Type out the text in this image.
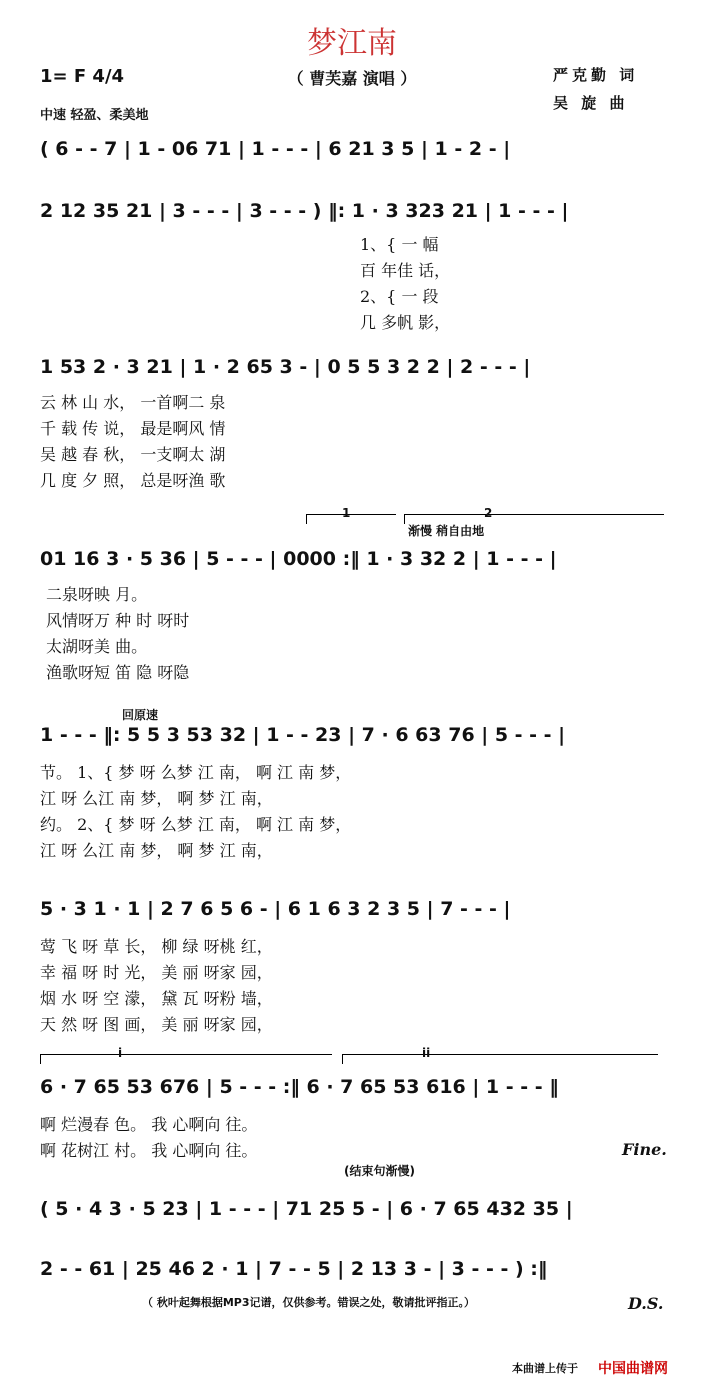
梦江南
（ 曹芙嘉 演唱 ）	严克勤 词
吴 旋 曲
1= F 4/4
中速 轻盈、柔美地
( 6 - - 7 | 1 - 06 71 | 1 - - - | 6 21 3 5 | 1 - 2 - |
2 12 35 21 | 3 - - - | 3 - - - ) ‖: 1 · 3 323 21 | 1 - - - |
1、{ 一 幅
百 年佳 话，
2、{ 一 段
几 多帆 影，
1 53 2 · 3 21 | 1 · 2 65 3 - | 0 5 5 3 2 2 | 2 - - - |
云 林 山 水， 一首啊二 泉
千 载 传 说， 最是啊风 情
吴 越 春 秋， 一支啊太 湖
几 度 夕 照， 总是呀渔 歌
1	2
渐慢 稍自由地
01 16 3 · 5 36 | 5 - - - | 0000 :‖ 1 · 3 32 2 | 1 - - - |
二泉呀映 月。
风情呀万 种 时 呀时
太湖呀美 曲。
渔歌呀短 笛 隐 呀隐
回原速
1 - - - ‖: 5 5 3 53 32 | 1 - - 23 | 7 · 6 63 76 | 5 - - - |
节。 1、{ 梦 呀 么梦 江 南， 啊 江 南 梦，
江 呀 么江 南 梦， 啊 梦 江 南，
约。 2、{ 梦 呀 么梦 江 南， 啊 江 南 梦，
江 呀 么江 南 梦， 啊 梦 江 南，
5 · 3 1 · 1 | 2 7 6 5 6 - | 6 1 6 3 2 3 5 | 7 - - - |
莺 飞 呀 草 长， 柳 绿 呀桃 红，
幸 福 呀 时 光， 美 丽 呀家 园，
烟 水 呀 空 濛， 黛 瓦 呀粉 墙，
天 然 呀 图 画， 美 丽 呀家 园，
i	ii
6 · 7 65 53 676 | 5 - - - :‖ 6 · 7 65 53 616 | 1 - - - ‖
啊 烂漫春 色。 我 心啊向 往。
啊 花树江 村。 我 心啊向 往。	Fine.
(结束句渐慢)
( 5 · 4 3 · 5 23 | 1 - - - | 71 25 5 - | 6 · 7 65 432 35 |
2 - - 61 | 25 46 2 · 1 | 7 - - 5 | 2 13 3 - | 3 - - - ) :‖
（ 秋叶起舞根据MP3记谱，仅供参考。错误之处，敬请批评指正。）	D.S.
本曲谱上传于 中国曲谱网
